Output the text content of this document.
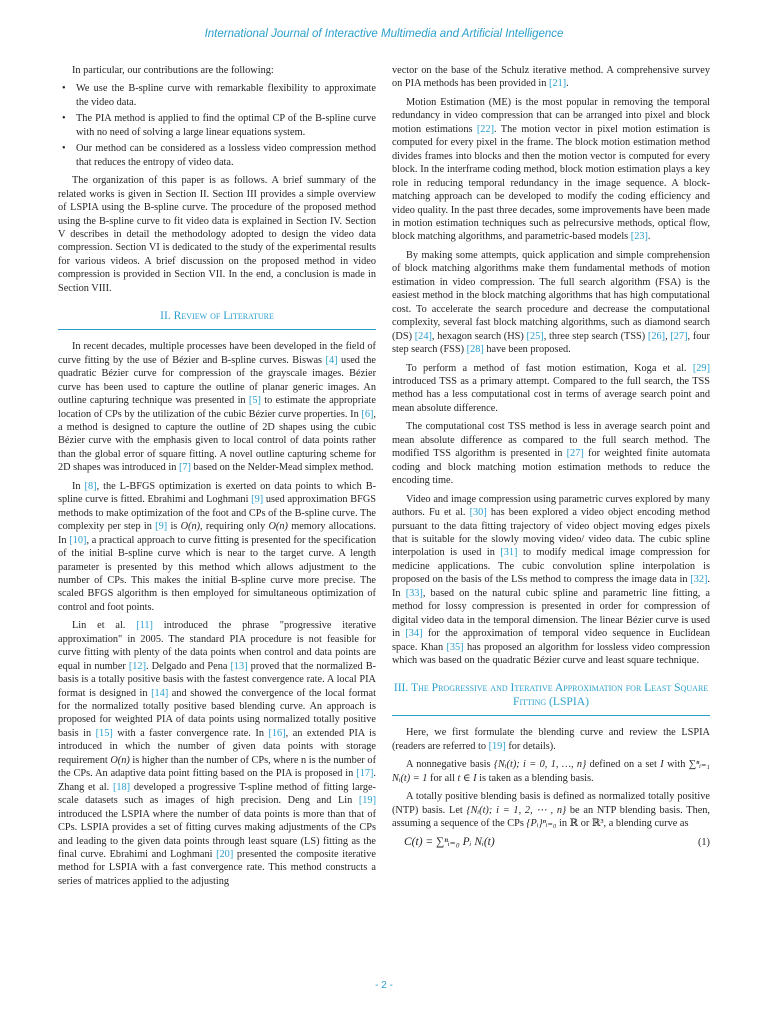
International Journal of Interactive Multimedia and Artificial Intelligence

In particular, our contributions are the following:

• We use the B-spline curve with remarkable flexibility to approximate the video data.
• The PIA method is applied to find the optimal CP of the B-spline curve with no need of solving a large linear equations system.
• Our method can be considered as a lossless video compression method that reduces the entropy of video data.

The organization of this paper is as follows. A brief summary of the related works is given in Section II. Section III provides a simple overview of LSPIA using the B-spline curve. The procedure of the proposed method using the B-spline curve to fit video data is explained in Section IV. Section V describes in detail the methodology adopted to design the video data compression. Section VI is dedicated to the study of the experimental results for various videos. A brief discussion on the proposed method in video compression is provided in Section VII. In the end, a conclusion is made in Section VIII.

II. Review of Literature

In recent decades, multiple processes have been developed in the field of curve fitting by the use of Bézier and B-spline curves. Biswas [4] used the quadratic Bézier curve for compression of the grayscale images. Bézier curve has been used to capture the outline of planar generic images. An outline capturing technique was presented in [5] to estimate the appropriate location of CPs by the utilization of the cubic Bézier curve properties. In [6], a method is designed to capture the outline of 2D shapes using the cubic Bézier curve with the emphasis given to local control of data points rather than the global error of square fitting. A novel outline capturing scheme for 2D shapes was introduced in [7] based on the Nelder-Mead simplex method.

In [8], the L-BFGS optimization is exerted on data points to which B-spline curve is fitted. Ebrahimi and Loghmani [9] used approximation BFGS methods to make optimization of the foot and CPs of the B-spline curve. The complexity per step in [9] is O(n), requiring only O(n) memory allocations. In [10], a practical approach to curve fitting is presented for the specification of the initial B-spline curve which is near to the target curve. A length parameter is presented by this method which allows adjustment to the number of CPs. This makes the initial B-spline curve more precise. The scaled BFGS algorithm is then employed for simultaneous optimization of control and foot points.

Lin et al. [11] introduced the phrase "progressive iterative approximation" in 2005. The standard PIA procedure is not feasible for curve fitting with plenty of the data points when control and data points are equal in number [12]. Delgado and Pena [13] proved that the normalized B-basis is a totally positive basis with the fastest convergence rate. A local PIA format is designed in [14] and showed the convergence of the local format for the normalized totally positive based blending curve. An approach is proposed for weighted PIA of data points using normalized totally positive basis in [15] with a faster convergence rate. In [16], an extended PIA is introduced in which the number of given data points with storage requirement O(n) is higher than the number of CPs, where n is the number of the CPs. An adaptive data point fitting based on the PIA is proposed in [17]. Zhang et al. [18] developed a progressive T-spline method of fitting large-scale datasets such as images of high precision. Deng and Lin [19] introduced the LSPIA where the number of data points is more than that of CPs. LSPIA provides a set of fitting curves making adjustments of the CPs and leading to the given data points through least square (LS) fitting as the final curve. Ebrahimi and Loghmani [20] presented the composite iterative method for LSPIA with a fast convergence rate. This method constructs a series of matrices applied to the adjusting

vector on the base of the Schulz iterative method. A comprehensive survey on PIA methods has been provided in [21].

Motion Estimation (ME) is the most popular in removing the temporal redundancy in video compression that can be arranged into pixel and block motion estimations [22]. The motion vector in pixel motion estimation is computed for every pixel in the frame. The block motion estimation method divides frames into blocks and then the motion vector is computed for every block. In the interframe coding method, block motion estimation plays a key role in reducing temporal redundancy in the image sequence. A block-matching approach can be developed to modify the coding efficiency and video quality. In the past three decades, some improvements have been made in motion estimation techniques such as pelrecursive methods, optical flow, block matching algorithms, and parametric-based models [23].

By making some attempts, quick application and simple comprehension of block matching algorithms make them fundamental methods of motion estimation in video compression. The full search algorithm (FSA) is the easiest method in the block matching algorithms that has high computational cost. To accelerate the search procedure and decrease the computational complexity, several fast block matching algorithms, such as diamond search (DS) [24], hexagon search (HS) [25], three step search (TSS) [26], [27], four step search (FSS) [28] have been proposed.

To perform a method of fast motion estimation, Koga et al. [29] introduced TSS as a primary attempt. Compared to the full search, the TSS method has a less computational cost in terms of average search point and mean absolute difference.

The computational cost TSS method is less in average search point and mean absolute difference as compared to the full search method. The modified TSS algorithm is presented in [27] for weighted finite automata coding and block matching motion estimation methods to reduce the encoding time.

Video and image compression using parametric curves explored by many authors. Fu et al. [30] has been explored a video object encoding method pursuant to the data fitting trajectory of video object moving edges pixels that is suitable for the slowly moving video/ video data. The cubic spline interpolation is used in [31] to modify medical image compression for medicine applications. The cubic convolution spline interpolation is proposed on the basis of the LSs method to compress the image data in [32]. In [33], based on the natural cubic spline and parametric line fitting, a method for lossy compression is presented in order for compression of digital video data in the temporal dimension. The linear Bézier curve is used in [34] for the approximation of temporal video sequence in Euclidean space. Khan [35] has proposed an algorithm for lossless video compression which was based on the quadratic Bézier curve and least square technique.

III. The Progressive and Iterative Approximation for Least Square Fitting (LSPIA)

Here, we first formulate the blending curve and review the LSPIA (readers are referred to [19] for details).

A nonnegative basis {Nᵢ(t); i = 0, 1, …, n} defined on a set I with ∑ⁿᵢ₌₁ Nᵢ(t) = 1 for all t ∈ I is taken as a blending basis.

A totally positive blending basis is defined as normalized totally positive (NTP) basis. Let {Nᵢ(t); i = 1, 2, ⋯ , n} be an NTP blending basis. Then, assuming a sequence of the CPs {Pᵢ}ⁿᵢ₌₀ in ℝ or ℝ³, a blending curve as

C(t) = ∑ⁿᵢ₌₀ Pᵢ Nᵢ(t)	(1)
- 2 -
